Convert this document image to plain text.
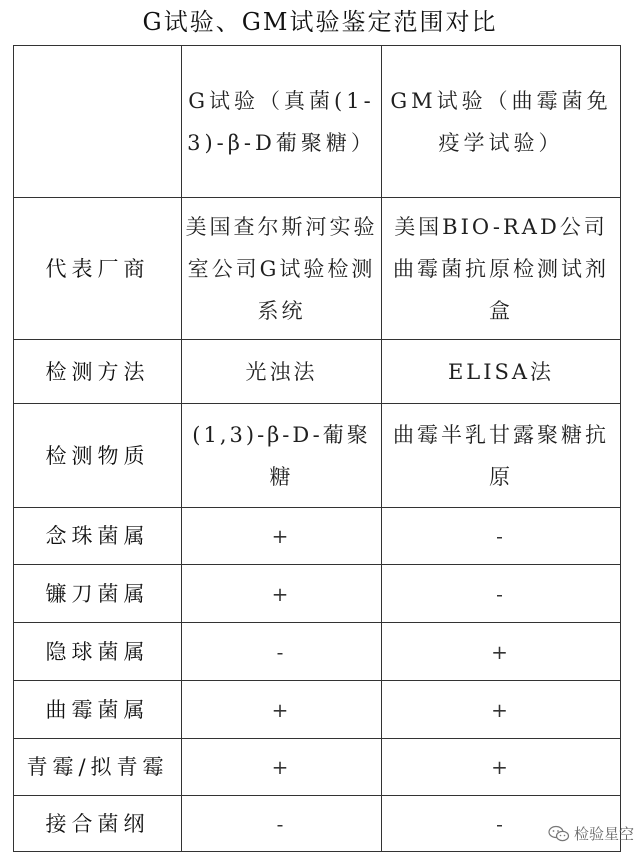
G试验、GM试验鉴定范围对比
	G试验（真菌(1-3)-β-D葡聚糖）	GM试验（曲霉菌免疫学试验）
代表厂商	美国查尔斯河实验室公司G试验检测系统	美国BIO-RAD公司曲霉菌抗原检测试剂盒
检测方法	光浊法	ELISA法
检测物质	(1,3)-β-D-葡聚糖	曲霉半乳甘露聚糖抗原
念珠菌属	+	-
镰刀菌属	+	-
隐球菌属	-	+
曲霉菌属	+	+
青霉/拟青霉	+	+
接合菌纲	-	-	检验星空
